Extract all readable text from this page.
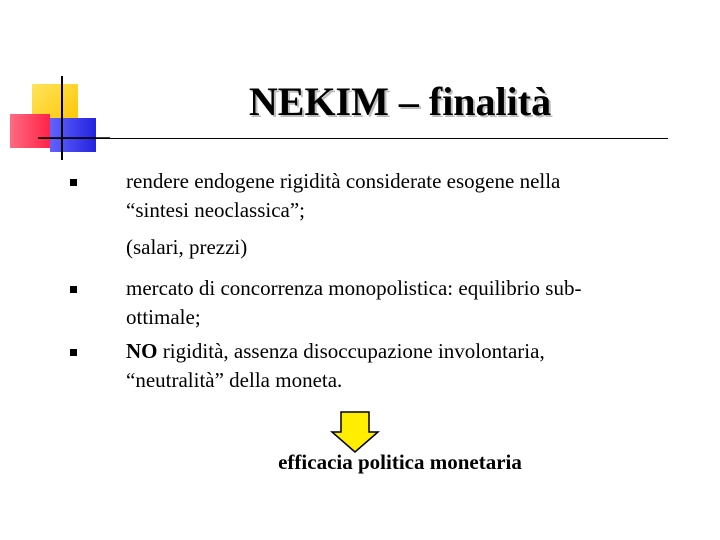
NEKIM – finalità
rendere endogene rigidità considerate esogene nella
“sintesi neoclassica”;
(salari, prezzi)
mercato di concorrenza monopolistica: equilibrio sub-
ottimale;
NO rigidità, assenza disoccupazione involontaria,
“neutralità” della moneta.
efficacia politica monetaria
